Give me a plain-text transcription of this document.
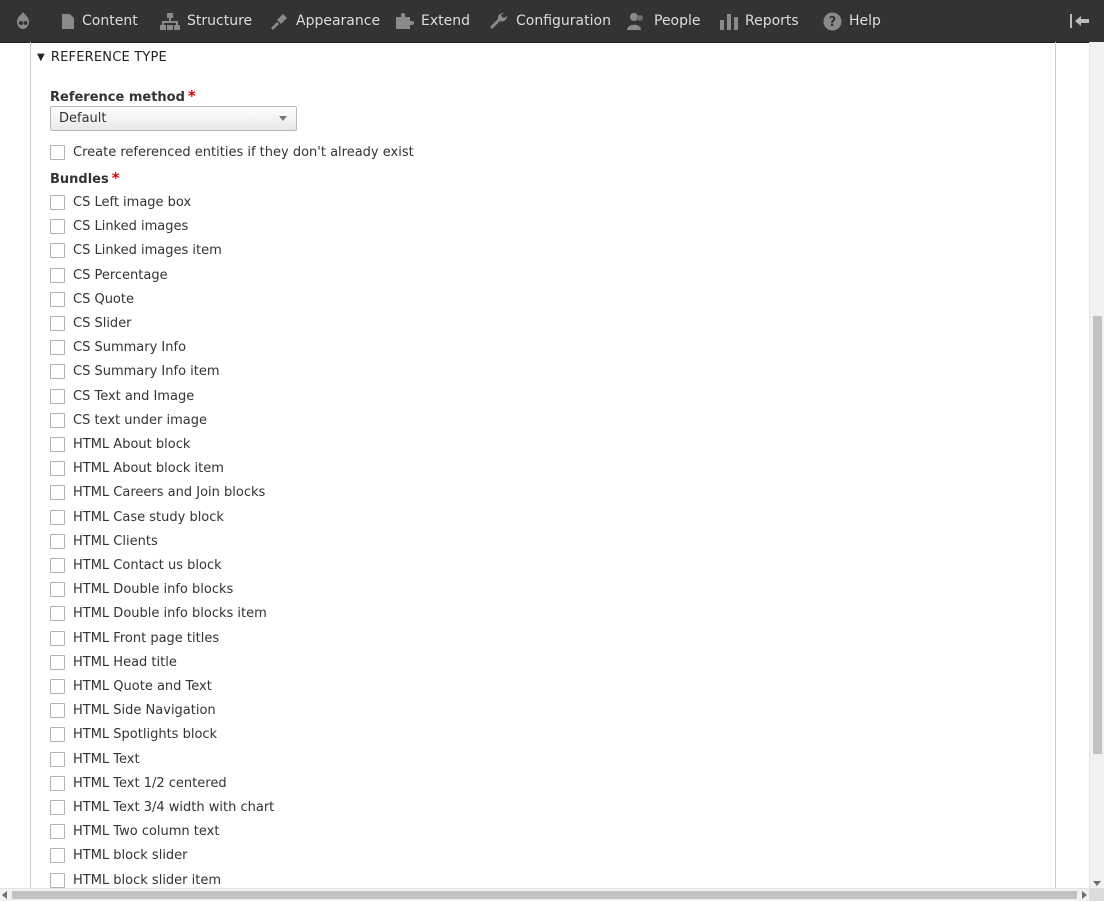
Content	Structure	Appearance	Extend	Configuration	People	Reports ? Help
▼ REFERENCE TYPE
Reference method *
Default
Create referenced entities if they don't already exist
Bundles *
CS Left image box
CS Linked images
CS Linked images item
CS Percentage
CS Quote
CS Slider
CS Summary Info
CS Summary Info item
CS Text and Image
CS text under image
HTML About block
HTML About block item
HTML Careers and Join blocks
HTML Case study block
HTML Clients
HTML Contact us block
HTML Double info blocks
HTML Double info blocks item
HTML Front page titles
HTML Head title
HTML Quote and Text
HTML Side Navigation
HTML Spotlights block
HTML Text
HTML Text 1/2 centered
HTML Text 3/4 width with chart
HTML Two column text
HTML block slider
HTML block slider item
